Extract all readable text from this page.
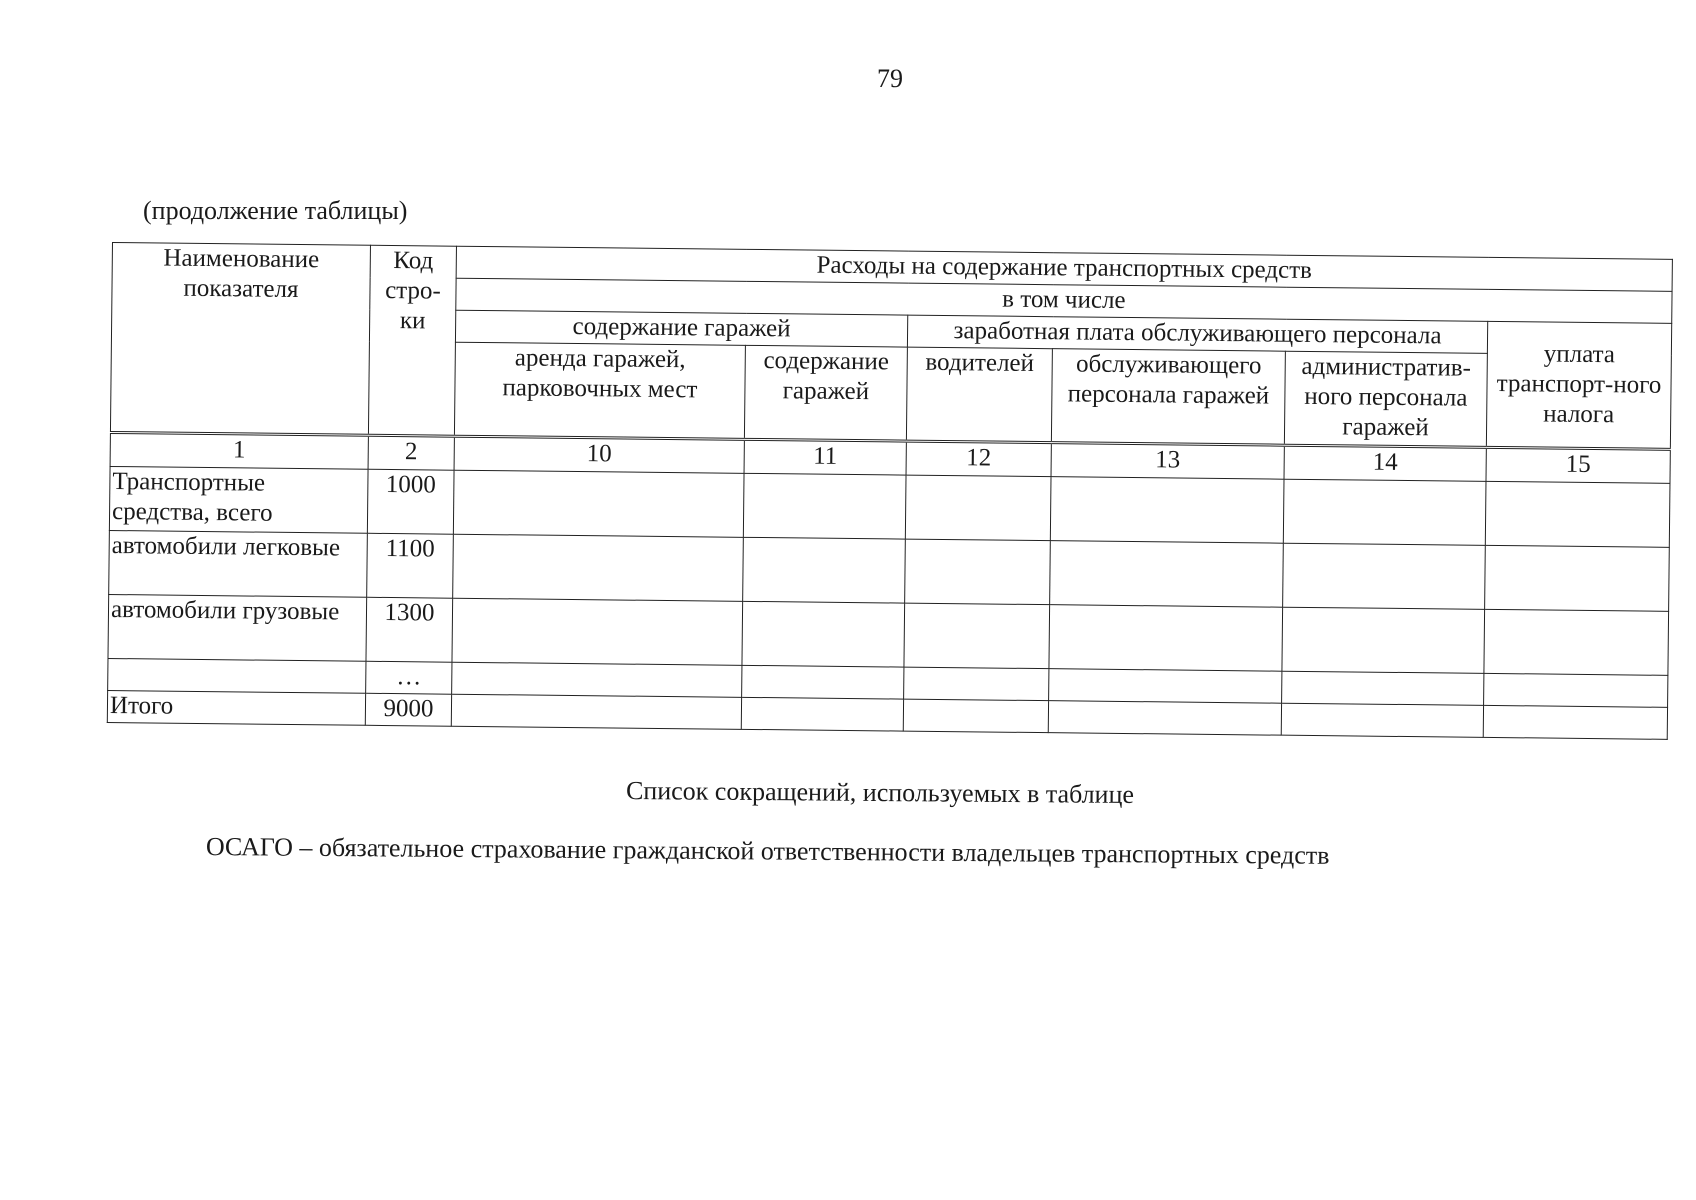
79
(продолжение таблицы)
Наименование показателя	Код стро-ки	Расходы на содержание транспортных средств					
		в том числе					
		содержание гаражей		заработная плата обслуживающего персонала			уплата транспорт-ного налога
		аренда гаражей, парковочных мест	содержание гаражей	водителей	обслуживающего персонала гаражей	административ-ного персонала гаражей	
1	2	10	11	12	13	14	15
Транспортные средства, всего	1000						
автомобили легковые	1100						
автомобили грузовые	1300						
	…						
Итого	9000						
Список сокращений, используемых в таблице
ОСАГО – обязательное страхование гражданской ответственности владельцев транспортных средств
